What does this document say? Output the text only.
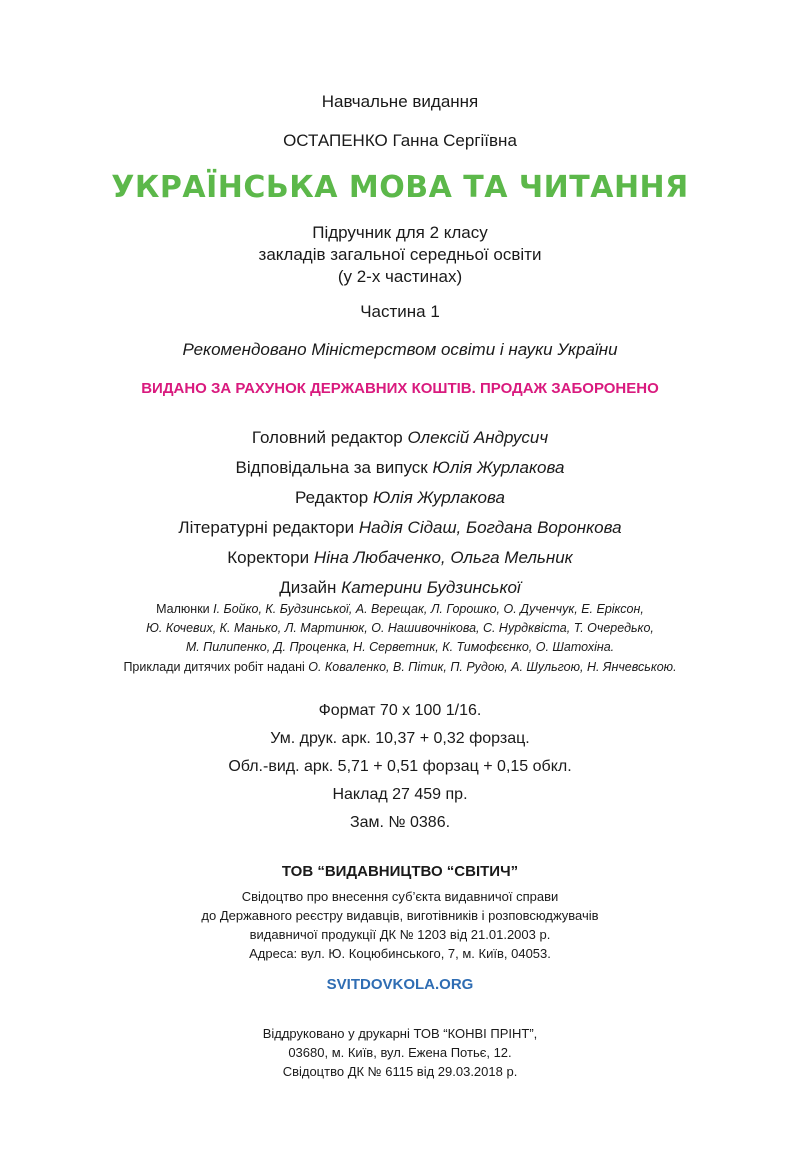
Навчальне видання
ОСТАПЕНКО Ганна Сергіївна
УКРАЇНСЬКА МОВА ТА ЧИТАННЯ
Підручник для 2 класу
закладів загальної середньої освіти
(у 2-х частинах)
Частина 1
Рекомендовано Міністерством освіти і науки України
ВИДАНО ЗА РАХУНОК ДЕРЖАВНИХ КОШТІВ. ПРОДАЖ ЗАБОРОНЕНО
Головний редактор Олексій Андрусич
Відповідальна за випуск Юлія Журлакова
Редактор Юлія Журлакова
Літературні редактори Надія Сідаш, Богдана Воронкова
Коректори Ніна Любаченко, Ольга Мельник
Дизайн Катерини Будзинської
Малюнки І. Бойко, К. Будзинської, А. Верещак, Л. Горошко, О. Дученчук, Е. Еріксон,
Ю. Кочевих, К. Манько, Л. Мартинюк, О. Нашивочнікова, С. Нурдквіста, Т. Очередько,
М. Пилипенко, Д. Проценка, Н. Серветник, К. Тимофєєнко, О. Шатохіна.
Приклади дитячих робіт надані О. Коваленко, В. Пітик, П. Рудою, А. Шульгою, Н. Янчевською.
Формат 70 x 100 1/16.
Ум. друк. арк. 10,37 + 0,32 форзац.
Обл.-вид. арк. 5,71 + 0,51 форзац + 0,15 обкл.
Наклад 27 459 пр.
Зам. № 0386.
ТОВ “ВИДАВНИЦТВО “СВІТИЧ”
Свідоцтво про внесення суб’єкта видавничої справи
до Державного реєстру видавців, виготівників і розповсюджувачів
видавничої продукції ДК № 1203 від 21.01.2003 р.
Адреса: вул. Ю. Коцюбинського, 7, м. Київ, 04053.
SVITDOVKOLA.ORG
Віддруковано у друкарні ТОВ “КОНВІ ПРІНТ”,
03680, м. Київ, вул. Ежена Потьє, 12.
Свідоцтво ДК № 6115 від 29.03.2018 р.
